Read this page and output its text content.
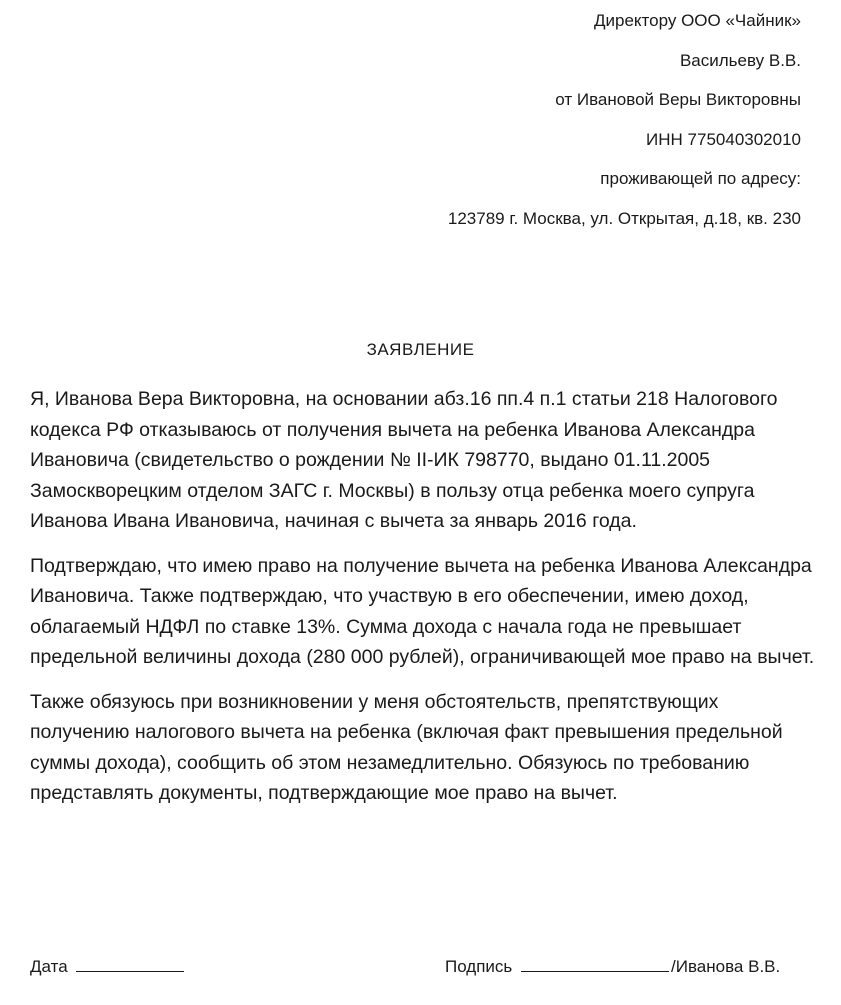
Директору ООО «Чайник»
Васильеву В.В.
от Ивановой Веры Викторовны
ИНН 775040302010
проживающей по адресу:
123789 г. Москва, ул. Открытая, д.18, кв. 230
ЗАЯВЛЕНИЕ

Я, Иванова Вера Викторовна, на основании абз.16 пп.4 п.1 статьи 218 Налогового кодекса РФ отказываюсь от получения вычета на ребенка Иванова Александра Ивановича (свидетельство о рождении № II-ИК 798770, выдано 01.11.2005 Замоскворецким отделом ЗАГС г. Москвы) в пользу отца ребенка моего супруга Иванова Ивана Ивановича, начиная с вычета за январь 2016 года.

Подтверждаю, что имею право на получение вычета на ребенка Иванова Александра Ивановича. Также подтверждаю, что участвую в его обеспечении, имею доход, облагаемый НДФЛ по ставке 13%. Сумма дохода с начала года не превышает предельной величины дохода (280 000 рублей), ограничивающей мое право на вычет.

Также обязуюсь при возникновении у меня обстоятельств, препятствующих получению налогового вычета на ребенка (включая факт превышения предельной суммы дохода), сообщить об этом незамедлительно. Обязуюсь по требованию представлять документы, подтверждающие мое право на вычет.

Дата	Подпись	/Иванова В.В.
